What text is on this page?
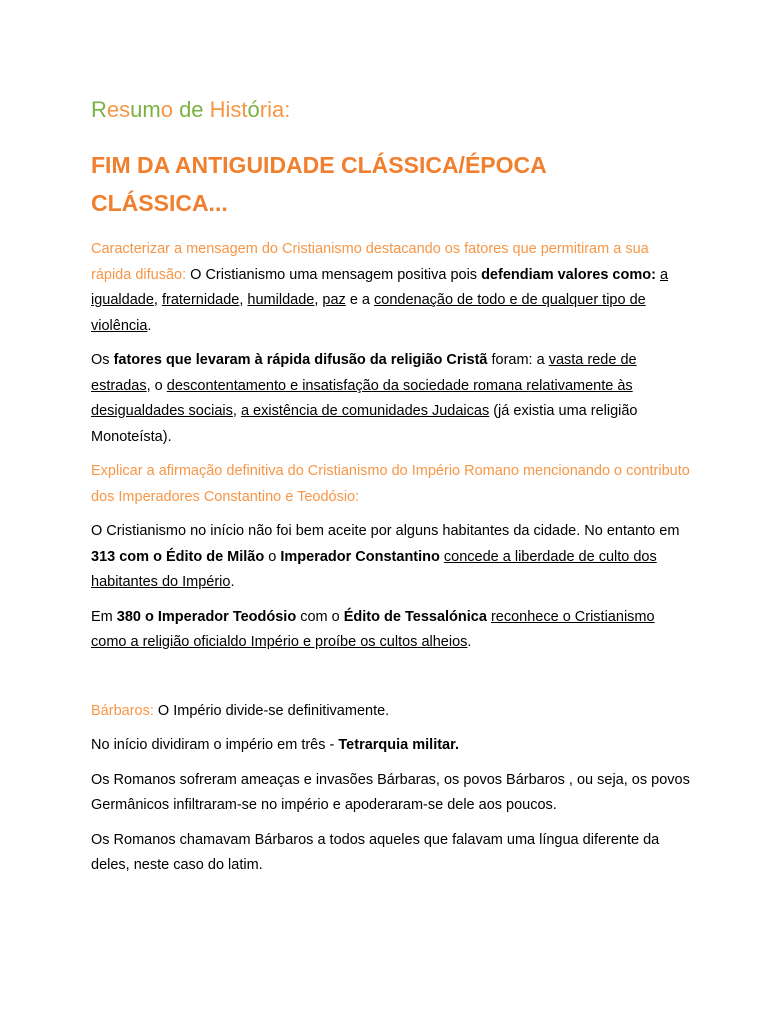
Resumo de História:
FIM DA ANTIGUIDADE CLÁSSICA/ÉPOCA
CLÁSSICA...

Caracterizar a mensagem do Cristianismo destacando os fatores que permitiram a sua rápida difusão: O Cristianismo uma mensagem positiva pois defendiam valores como: a igualdade, fraternidade, humildade, paz e a condenação de todo e de qualquer tipo de violência.

Os fatores que levaram à rápida difusão da religião Cristã foram: a vasta rede de estradas, o descontentamento e insatisfação da sociedade romana relativamente às desigualdades sociais, a existência de comunidades Judaicas (já existia uma religião Monoteísta).

Explicar a afirmação definitiva do Cristianismo do Império Romano mencionando o contributo dos Imperadores Constantino e Teodósio:

O Cristianismo no início não foi bem aceite por alguns habitantes da cidade. No entanto em 313 com o Édito de Milão o Imperador Constantino concede a liberdade de culto dos habitantes do Império.

Em 380 o Imperador Teodósio com o Édito de Tessalónica reconhece o Cristianismo como a religião oficialdo Império e proíbe os cultos alheios.

Bárbaros: O Império divide-se definitivamente.

No início dividiram o império em três - Tetrarquia militar.

Os Romanos sofreram ameaças e invasões Bárbaras, os povos Bárbaros , ou seja, os povos Germânicos infiltraram-se no império e apoderaram-se dele aos poucos.

Os Romanos chamavam Bárbaros a todos aqueles que falavam uma língua diferente da deles, neste caso do latim.
